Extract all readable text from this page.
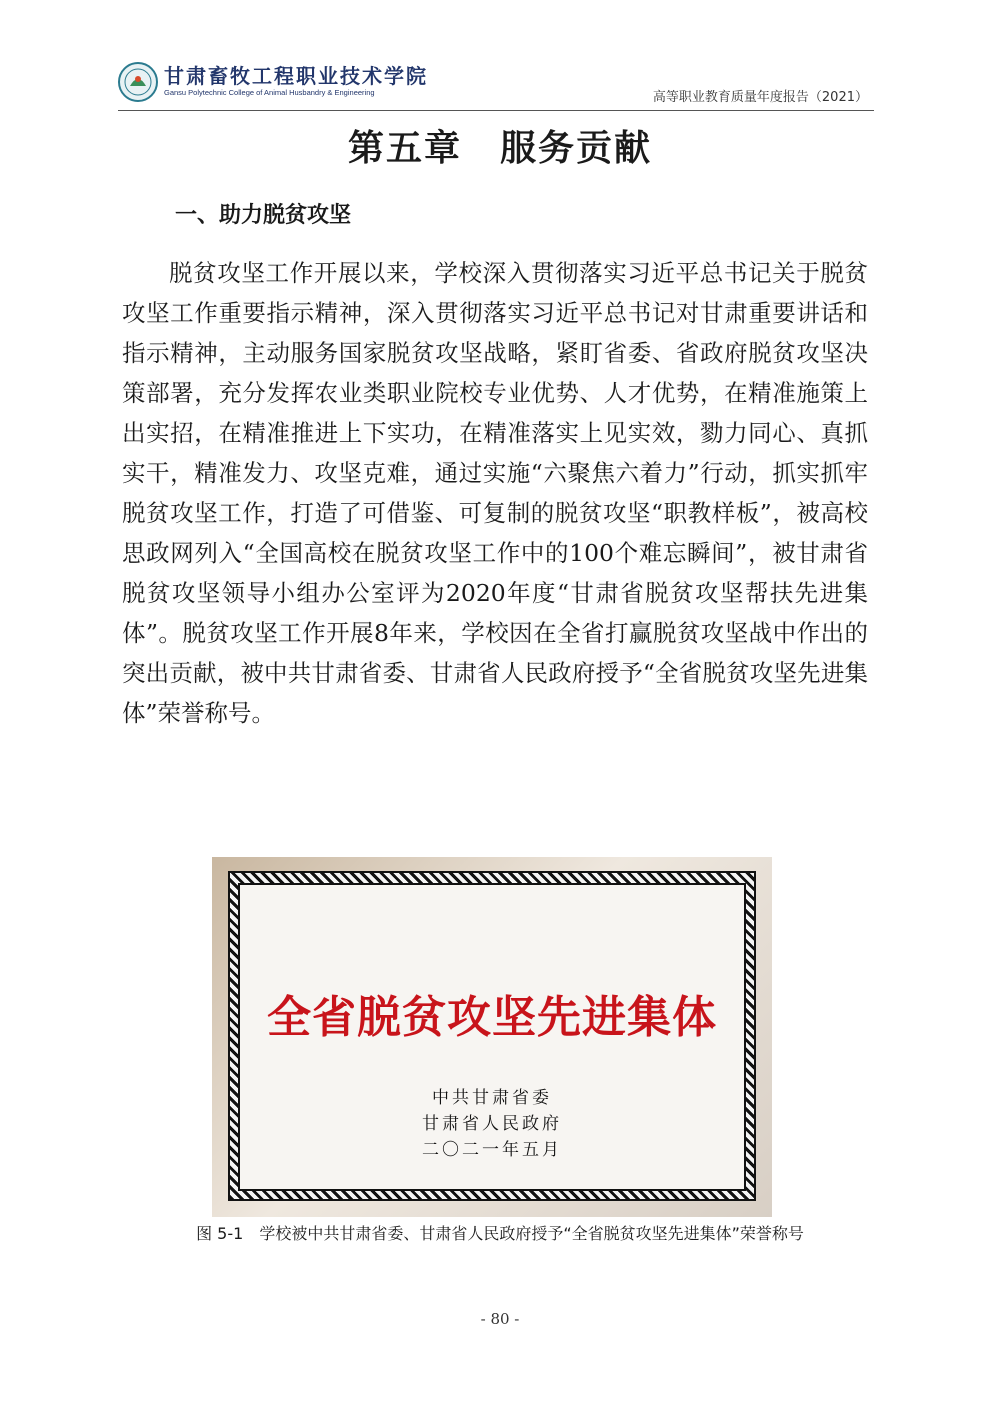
甘肃畜牧工程职业技术学院
Gansu Polytechnic College of Animal Husbandry & Engineering	高等职业教育质量年度报告（2021）
第五章　服务贡献
一、助力脱贫攻坚

脱贫攻坚工作开展以来，学校深入贯彻落实习近平总书记关于脱贫攻坚工作重要指示精神，深入贯彻落实习近平总书记对甘肃重要讲话和指示精神，主动服务国家脱贫攻坚战略，紧盯省委、省政府脱贫攻坚决策部署，充分发挥农业类职业院校专业优势、人才优势，在精准施策上出实招，在精准推进上下实功，在精准落实上见实效，勠力同心、真抓实干，精准发力、攻坚克难，通过实施“六聚焦六着力”行动，抓实抓牢脱贫攻坚工作，打造了可借鉴、可复制的脱贫攻坚“职教样板”，被高校思政网列入“全国高校在脱贫攻坚工作中的100个难忘瞬间”，被甘肃省脱贫攻坚领导小组办公室评为2020年度“甘肃省脱贫攻坚帮扶先进集体”。脱贫攻坚工作开展8年来，学校因在全省打赢脱贫攻坚战中作出的突出贡献，被中共甘肃省委、甘肃省人民政府授予“全省脱贫攻坚先进集体”荣誉称号。

全省脱贫攻坚先进集体
中共甘肃省委
甘肃省人民政府
二〇二一年五月
图 5-1　学校被中共甘肃省委、甘肃省人民政府授予“全省脱贫攻坚先进集体”荣誉称号
- 80 -
